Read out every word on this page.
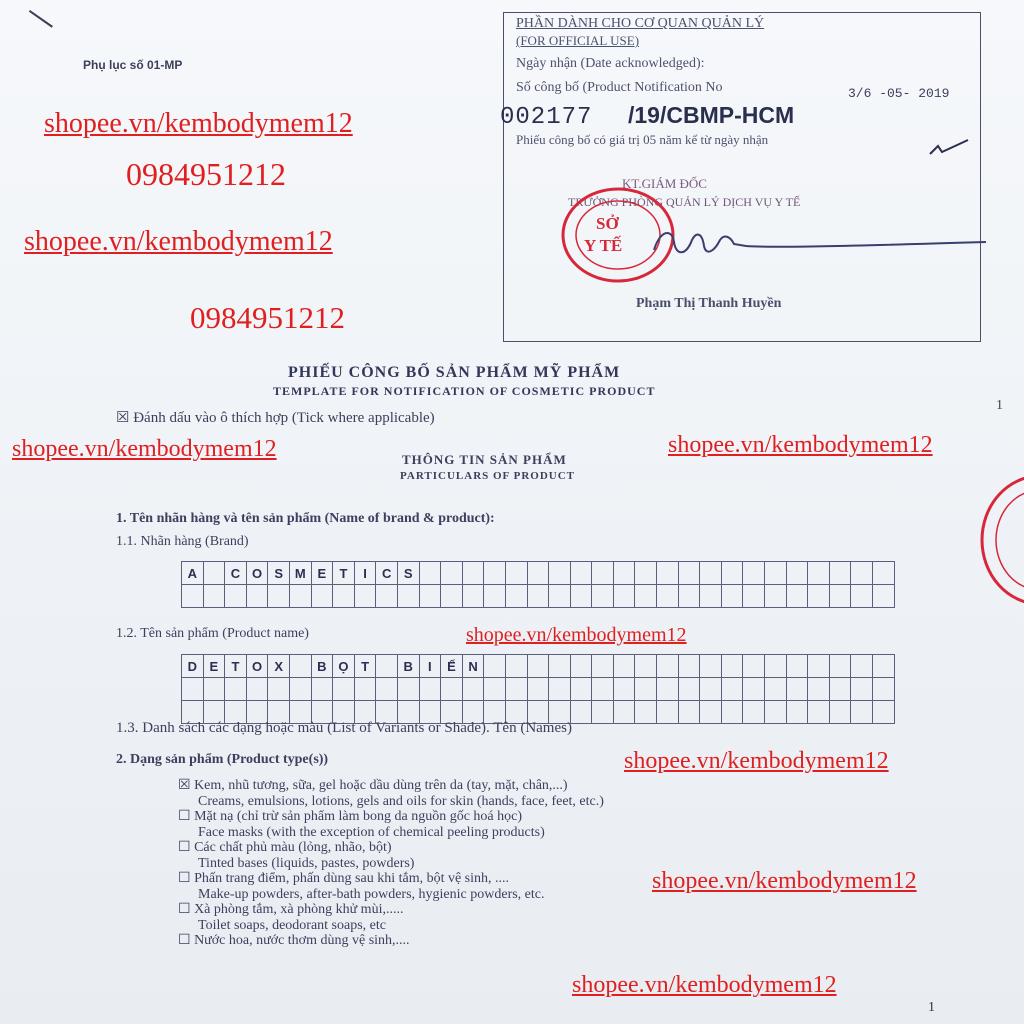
Phụ lục số 01-MP
PHẦN DÀNH CHO CƠ QUAN QUẢN LÝ
(FOR OFFICIAL USE)
Ngày nhận (Date acknowledged):
Số công bố (Product Notification No	3/6 -05- 2019
002177 /19/CBMP-HCM
Phiếu công bố có giá trị 05 năm kể từ ngày nhận
KT.GIÁM ĐỐC
TRƯỞNG PHÒNG QUẢN LÝ DỊCH VỤ Y TẾ
SỞ
Y TẾ
Phạm Thị Thanh Huyền
shopee.vn/kembodymem12
0984951212
shopee.vn/kembodymem12
0984951212
shopee.vn/kembodymem12	shopee.vn/kembodymem12
shopee.vn/kembodymem12
shopee.vn/kembodymem12
shopee.vn/kembodymem12
shopee.vn/kembodymem12
PHIẾU CÔNG BỐ SẢN PHẨM MỸ PHẨM
TEMPLATE FOR NOTIFICATION OF COSMETIC PRODUCT
☒ Đánh dấu vào ô thích hợp (Tick where applicable)
1
THÔNG TIN SẢN PHẨM
PARTICULARS OF PRODUCT
1. Tên nhãn hàng và tên sản phẩm (Name of brand & product):
1.1. Nhãn hàng (Brand)
A		C	O	S	M	E	T	I	C	S																						

1.2. Tên sản phẩm (Product name)
D	E	T	O	X		B	Ọ	T		B	I	Ế	N																			

1.3. Danh sách các dạng hoặc màu (List of Variants or Shade). Tên (Names)
2. Dạng sản phẩm (Product type(s))
☒ Kem, nhũ tương, sữa, gel hoặc dầu dùng trên da (tay, mặt, chân,...)
Creams, emulsions, lotions, gels and oils for skin (hands, face, feet, etc.)
☐ Mặt nạ (chỉ trừ sản phẩm làm bong da nguồn gốc hoá học)
Face masks (with the exception of chemical peeling products)
☐ Các chất phủ màu (lỏng, nhão, bột)
Tinted bases (liquids, pastes, powders)
☐ Phấn trang điểm, phấn dùng sau khi tắm, bột vệ sinh, ....
Make-up powders, after-bath powders, hygienic powders, etc.
☐ Xà phòng tắm, xà phòng khử mùi,.....
Toilet soaps, deodorant soaps, etc
☐ Nước hoa, nước thơm dùng vệ sinh,....
1
